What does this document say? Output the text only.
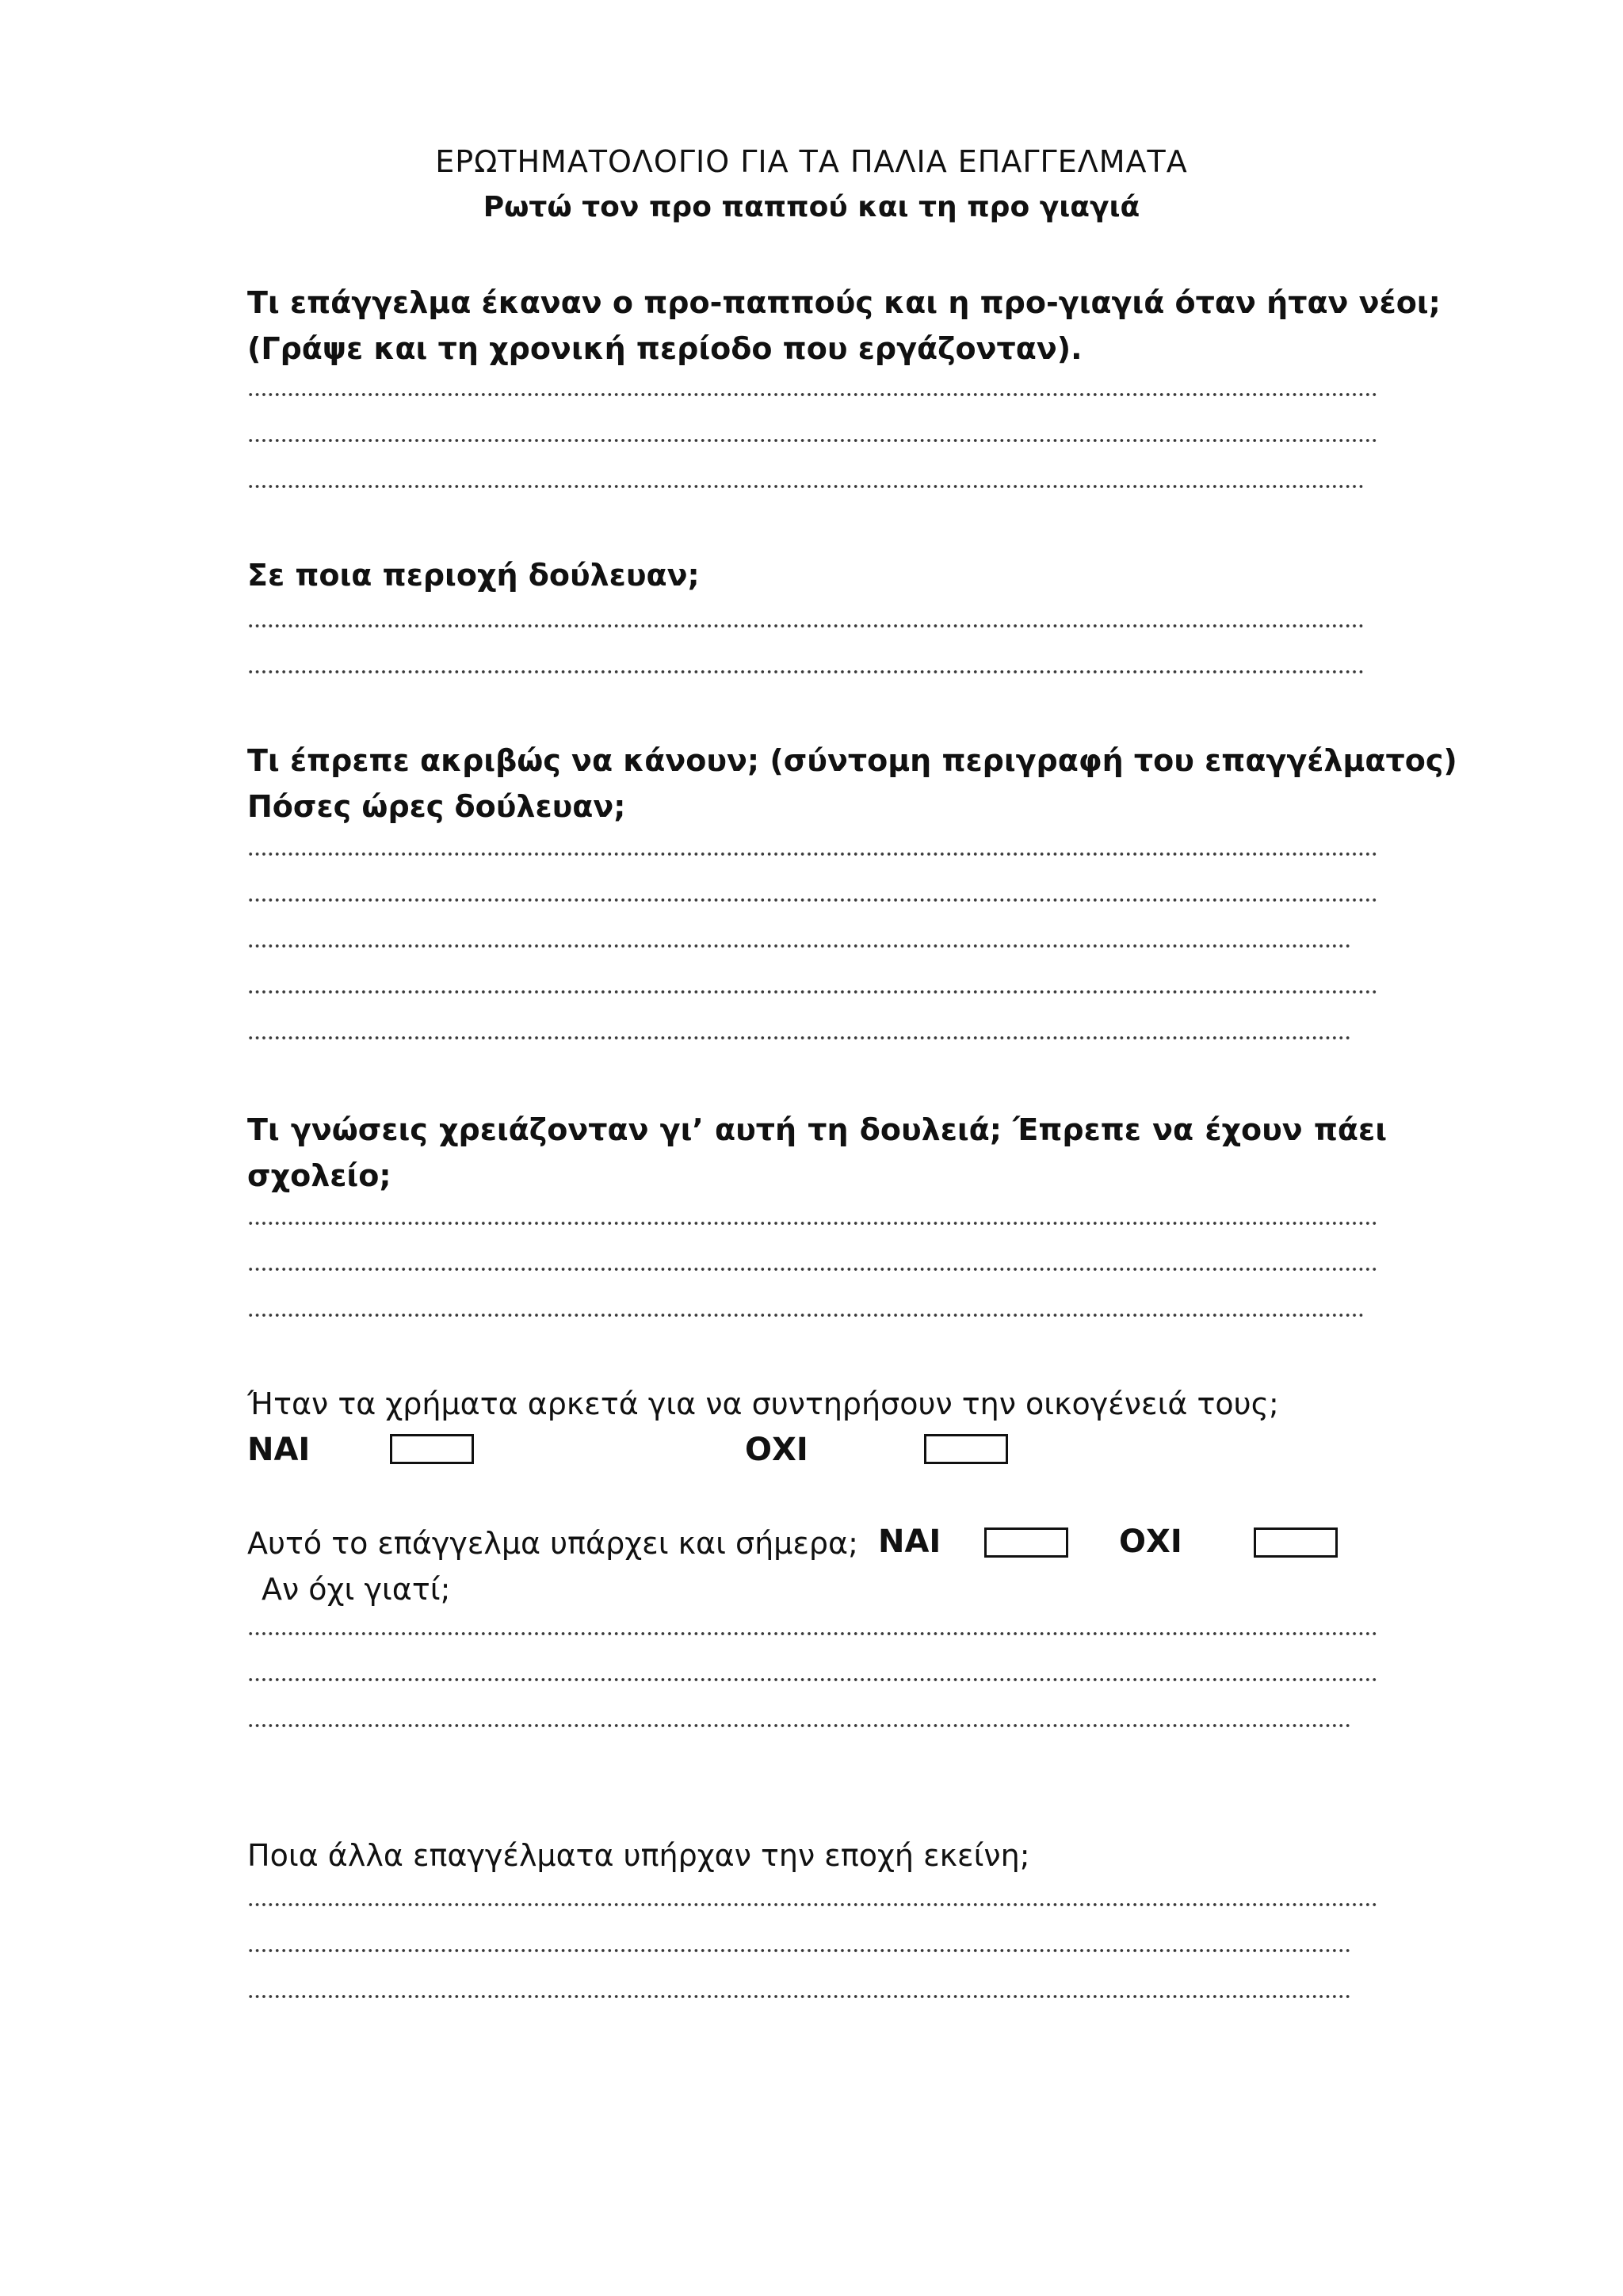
ΕΡΩΤΗΜΑΤΟΛΟΓΙΟ ΓΙΑ ΤΑ ΠΑΛΙΑ ΕΠΑΓΓΕΛΜΑΤΑ
Ρωτώ τον προ παππού και τη προ γιαγιά
Τι επάγγελμα έκαναν ο προ-παππούς και η προ-γιαγιά όταν ήταν νέοι;
(Γράψε και τη χρονική περίοδο που εργάζονταν).
Σε ποια περιοχή δούλευαν;
Τι έπρεπε ακριβώς να κάνουν; (σύντομη περιγραφή του επαγγέλματος)
Πόσες ώρες δούλευαν;
Τι γνώσεις χρειάζονταν γι’ αυτή τη δουλειά; Έπρεπε να έχουν πάει
σχολείο;
Ήταν τα χρήματα αρκετά για να συντηρήσουν την οικογένειά τους;
ΝΑΙ	ΟΧΙ
Αυτό το επάγγελμα υπάρχει και σήμερα; ΝΑΙ	ΟΧΙ
Αν όχι γιατί;
Ποια άλλα επαγγέλματα υπήρχαν την εποχή εκείνη;
